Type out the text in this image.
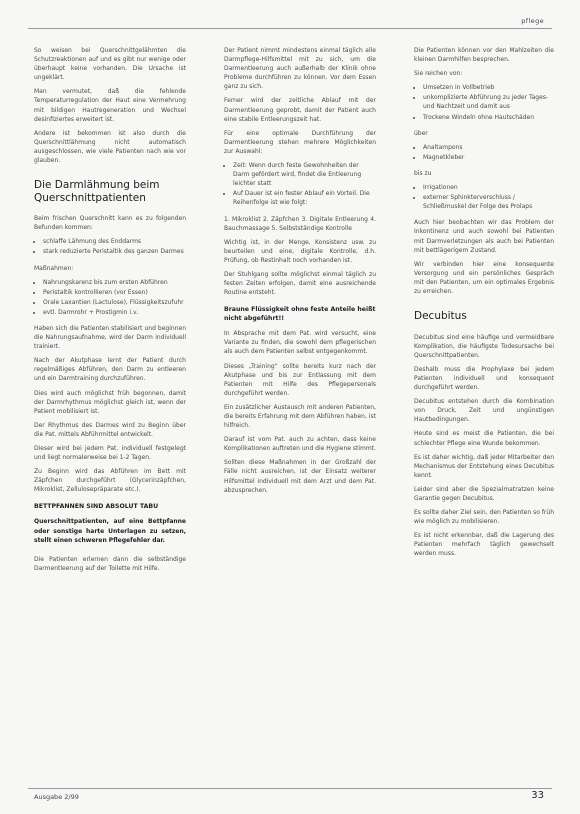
pflege

So weisen bei Querschnittgelähmten die Schutzreaktionen auf und es gibt nur wenige oder überhaupt keine vorhanden. Die Ursache ist ungeklärt.

Man vermutet, daß die fehlende Temperaturregulation der Haut eine Vermehrung mit bildigen Hautregeneration und Wechsel desinfiziertes erweitert ist.

Andere ist bekommen ist also durch die Querschnittlähmung nicht automatisch ausgeschlossen, wie viele Patienten nach wie vor glauben.

Die Darmlähmung beim Querschnittpatienten

Beim frischen Querschnitt kann es zu folgenden Befunden kommen:

• schlaffe Lähmung des Enddarms
• stark reduzierte Peristaltik des ganzen Darmes

Maßnahmen:

• Nahrungskarenz bis zum ersten Abführen
• Peristaltik kontrollieren (vor Essen)
• Orale Laxantien (Lactulose), Flüssigkeitszufuhr
• evtl. Darmrohr + Prostigmin i.v.

Haben sich die Patienten stabilisiert und beginnen die Nahrungsaufnahme, wird der Darm individuell trainiert.

Nach der Akutphase lernt der Patient durch regelmäßiges Abführen, den Darm zu entleeren und ein Darmtraining durchzuführen.

Dies wird auch möglichst früh begonnen, damit der Darmrhythmus möglichst gleich ist, wenn der Patient mobilisiert ist.

Der Rhythmus des Darmes wird zu Beginn über die Pat. mittels Abführmittel entwickelt.

Dieser wird bei jedem Pat. individuell festgelegt und liegt normalerweise bei 1-2 Tagen.

Zu Beginn wird das Abführen im Bett mit Zäpfchen durchgeführt (Glycerinzäpfchen, Mikroklist, Zellulosepräparate etc.).

BETTPFANNEN SIND ABSOLUT TABU

Querschnittpatienten, auf eine Bettpfanne oder sonstige harte Unterlagen zu setzen, stellt einen schweren Pflegefehler dar.

Die Patienten erlernen dann die selbständige Darmentleerung auf der Toilette mit Hilfe.

Der Patient nimmt mindestens einmal täglich alle Darmpflege-Hilfsmittel mit zu sich, um die Darmentleerung auch außerhalb der Klinik ohne Probleme durchführen zu können. Vor dem Essen ganz zu sich.

Ferner wird der zeitliche Ablauf mit der Darmentleerung geprobt, damit der Patient auch eine stabile Entleerungszeit hat.

Für eine optimale Durchführung der Darmentleerung stehen mehrere Möglichkeiten zur Auswahl:

• Zeit: Wenn durch feste Gewohnheiten der Darm gefördert wird, findet die Entleerung leichter statt
• Auf Dauer ist ein fester Ablauf ein Vorteil. Die Reihenfolge ist wie folgt:

1. Mikroklist 2. Zäpfchen 3. Digitale Entleerung 4. Bauchmassage 5. Selbstständige Kontrolle

Wichtig ist, in der Menge, Konsistenz usw. zu beurteilen und eine, digitale Kontrolle, d.h. Prüfung, ob Restinhalt noch vorhanden ist.

Der Stuhlgang sollte möglichst einmal täglich zu festen Zeiten erfolgen, damit eine ausreichende Routine entsteht.

Braune Flüssigkeit ohne feste Anteile heißt nicht abgeführt!!

In Absprache mit dem Pat. wird versucht, eine Variante zu finden, die sowohl dem pflegerischen als auch dem Patienten selbst entgegenkommt.

Dieses „Training“ sollte bereits kurz nach der Akutphase und bis zur Entlassung mit dem Patienten mit Hilfe des Pflegepersonals durchgeführt werden.

Ein zusätzlicher Austausch mit anderen Patienten, die bereits Erfahrung mit dem Abführen haben, ist hilfreich.

Darauf ist vom Pat. auch zu achten, dass keine Komplikationen auftreten und die Hygiene stimmt.

Sollten diese Maßnahmen in der Großzahl der Fälle nicht ausreichen, ist der Einsatz weiterer Hilfsmittel individuell mit dem Arzt und dem Pat. abzusprechen.

Die Patienten können vor den Mahlzeiten die kleinen Darmhilfen besprechen.

Sie reichen von:

• Umsetzen in Vollbetrieb
• unkomplizierte Abführung zu jeder Tages- und Nachtzeit und damit aus
• Trockene Windeln ohne Hautschäden

über

• Analtampons
• Magnetkleber

bis zu

• Irrigationen
• externer Sphinkterverschluss / Schließmuskel der Folge des Prolaps

Auch hier beobachten wir das Problem der Inkontinenz und auch sowohl bei Patienten mit Darmverletzungen als auch bei Patienten mit bettlägerigem Zustand.

Wir verbinden hier eine konsequente Versorgung und ein persönliches Gespräch mit den Patienten, um ein optimales Ergebnis zu erreichen.

Decubitus

Decubitus sind eine häufige und vermeidbare Komplikation, die häufigste Todesursache bei Querschnittpatienten.

Deshalb muss die Prophylaxe bei jedem Patienten individuell und konsequent durchgeführt werden.

Decubitus entstehen durch die Kombination von Druck, Zeit und ungünstigen Hautbedingungen.

Heute sind es meist die Patienten, die bei schlechter Pflege eine Wunde bekommen.

Es ist daher wichtig, daß jeder Mitarbeiter den Mechanismus der Entstehung eines Decubitus kennt.

Leider sind aber die Spezialmatratzen keine Garantie gegen Decubitus.

Es sollte daher Ziel sein, den Patienten so früh wie möglich zu mobilisieren.

Es ist nicht erkennbar, daß die Lagerung des Patienten mehrfach täglich gewechselt werden muss.

Ausgabe 2/99	33
